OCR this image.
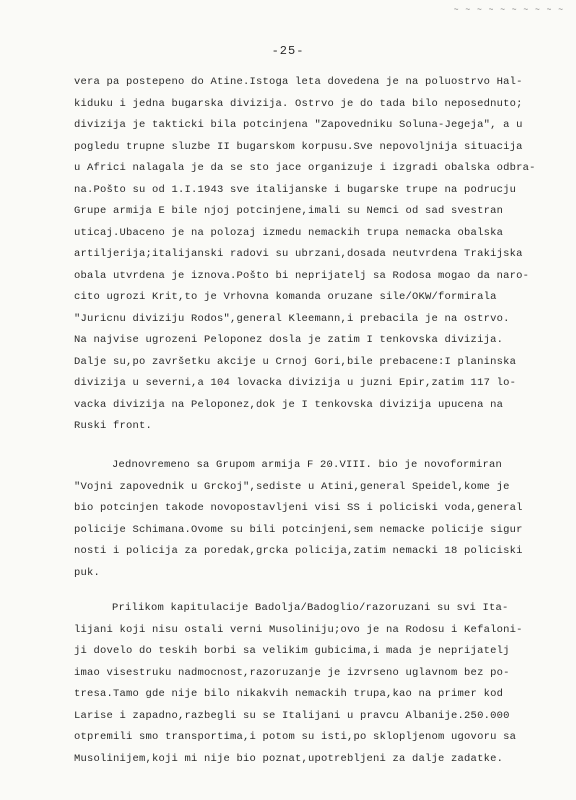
~ ~ ~ ~ ~ ~ ~ ~ ~ ~
-25-
vera pa postepeno do Atine.Istoga leta dovedena je na poluostrvo Hal-
kiduku i jedna bugarska divizija. Ostrvo je do tada bilo neposednuto;
divizija je takticki bila potcinjena "Zapovedniku Soluna-Jegeja", a u
pogledu trupne sluzbe II bugarskom korpusu.Sve nepovoljnija situacija
u Africi nalagala je da se sto jace organizuje i izgradi obalska odbra-
na.Pošto su od 1.I.1943 sve italijanske i bugarske trupe na podrucju
Grupe armija E bile njoj potcinjene,imali su Nemci od sad svestran
uticaj.Ubaceno je na polozaj izmedu nemackih trupa nemacka obalska
artiljerija;italijanski radovi su ubrzani,dosada neutvrdena Trakijska
obala utvrdena je iznova.Pošto bi neprijatelj sa Rodosa mogao da naro-
cito ugrozi Krit,to je Vrhovna komanda oruzane sile/OKW/formirala
"Juricnu diviziju Rodos",general Kleemann,i prebacila je na ostrvo.
Na najvise ugrozeni Peloponez dosla je zatim I tenkovska divizija.
Dalje su,po završetku akcije u Crnoj Gori,bile prebacene:I planinska
divizija u severni,a 104 lovacka divizija u juzni Epir,zatim 117 lo-
vacka divizija na Peloponez,dok je I tenkovska divizija upucena na
Ruski front.
Jednovremeno sa Grupom armija F 20.VIII. bio je novoformiran
"Vojni zapovednik u Grckoj",sediste u Atini,general Speidel,kome je
bio potcinjen takode novopostavljeni visi SS i policiski voda,general
policije Schimana.Ovome su bili potcinjeni,sem nemacke policije sigur
nosti i policija za poredak,grcka policija,zatim nemacki 18 policiski
puk.
Prilikom kapitulacije Badolja/Badoglio/razoruzani su svi Ita-
lijani koji nisu ostali verni Musoliniju;ovo je na Rodosu i Kefaloni-
ji dovelo do teskih borbi sa velikim gubicima,i mada je neprijatelj
imao visestruku nadmocnost,razoruzanje je izvrseno uglavnom bez po-
tresa.Tamo gde nije bilo nikakvih nemackih trupa,kao na primer kod
Larise i zapadno,razbegli su se Italijani u pravcu Albanije.250.000
otpremili smo transportima,i potom su isti,po sklopljenom ugovoru sa
Musolinijem,koji mi nije bio poznat,upotrebljeni za dalje zadatke.
